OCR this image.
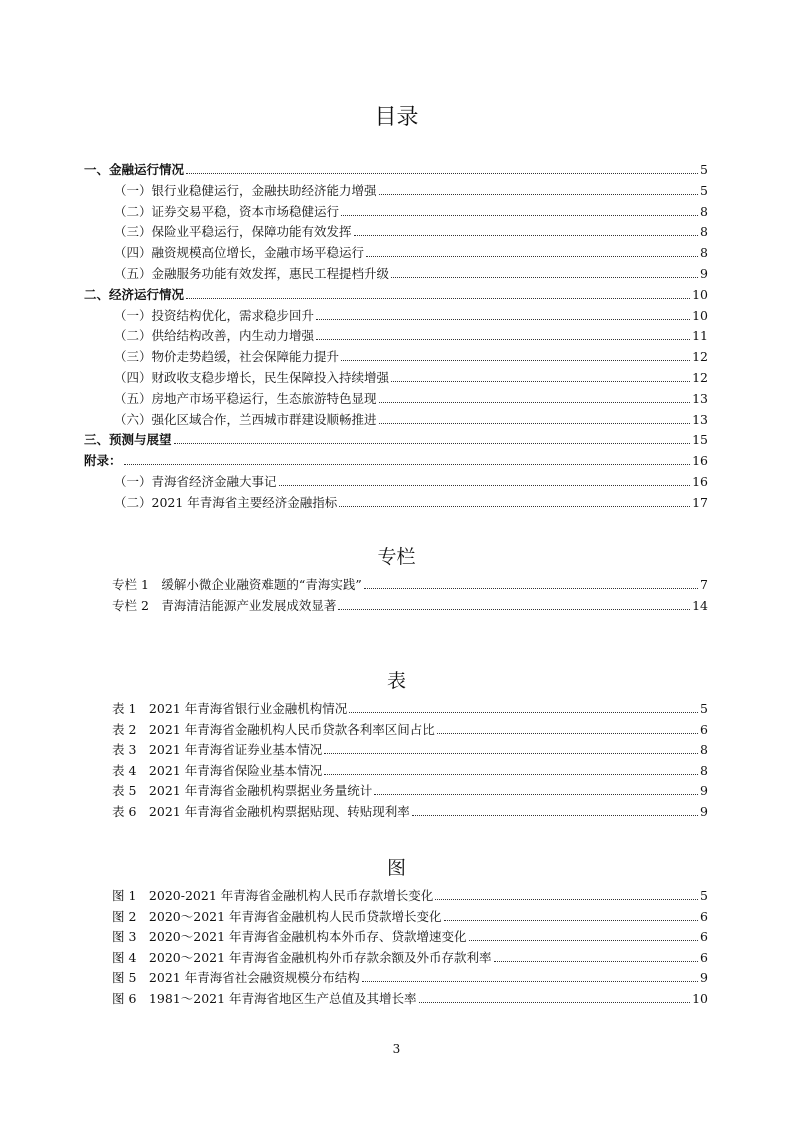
目录
专栏
表
图
一、金融运行情况	5
（一）银行业稳健运行，金融扶助经济能力增强	5
（二）证券交易平稳，资本市场稳健运行	8
（三）保险业平稳运行，保障功能有效发挥	8
（四）融资规模高位增长，金融市场平稳运行	8
（五）金融服务功能有效发挥，惠民工程提档升级	9
二、经济运行情况	10
（一）投资结构优化，需求稳步回升	10
（二）供给结构改善，内生动力增强	11
（三）物价走势趋缓，社会保障能力提升	12
（四）财政收支稳步增长，民生保障投入持续增强	12
（五）房地产市场平稳运行，生态旅游特色显现	13
（六）强化区域合作，兰西城市群建设顺畅推进	13
三、预测与展望	15
附录：	16
（一）青海省经济金融大事记	16
（二）2021 年青海省主要经济金融指标	17
专栏 1　缓解小微企业融资难题的“青海实践”	7
专栏 2　青海清洁能源产业发展成效显著	14
表 1　2021 年青海省银行业金融机构情况	5
表 2　2021 年青海省金融机构人民币贷款各利率区间占比	6
表 3　2021 年青海省证券业基本情况	8
表 4　2021 年青海省保险业基本情况	8
表 5　2021 年青海省金融机构票据业务量统计	9
表 6　2021 年青海省金融机构票据贴现、转贴现利率	9
图 1　2020-2021 年青海省金融机构人民币存款增长变化	5
图 2　2020～2021 年青海省金融机构人民币贷款增长变化	6
图 3　2020～2021 年青海省金融机构本外币存、贷款增速变化	6
图 4　2020～2021 年青海省金融机构外币存款余额及外币存款利率	6
图 5　2021 年青海省社会融资规模分布结构	9
图 6　1981～2021 年青海省地区生产总值及其增长率	10
3
